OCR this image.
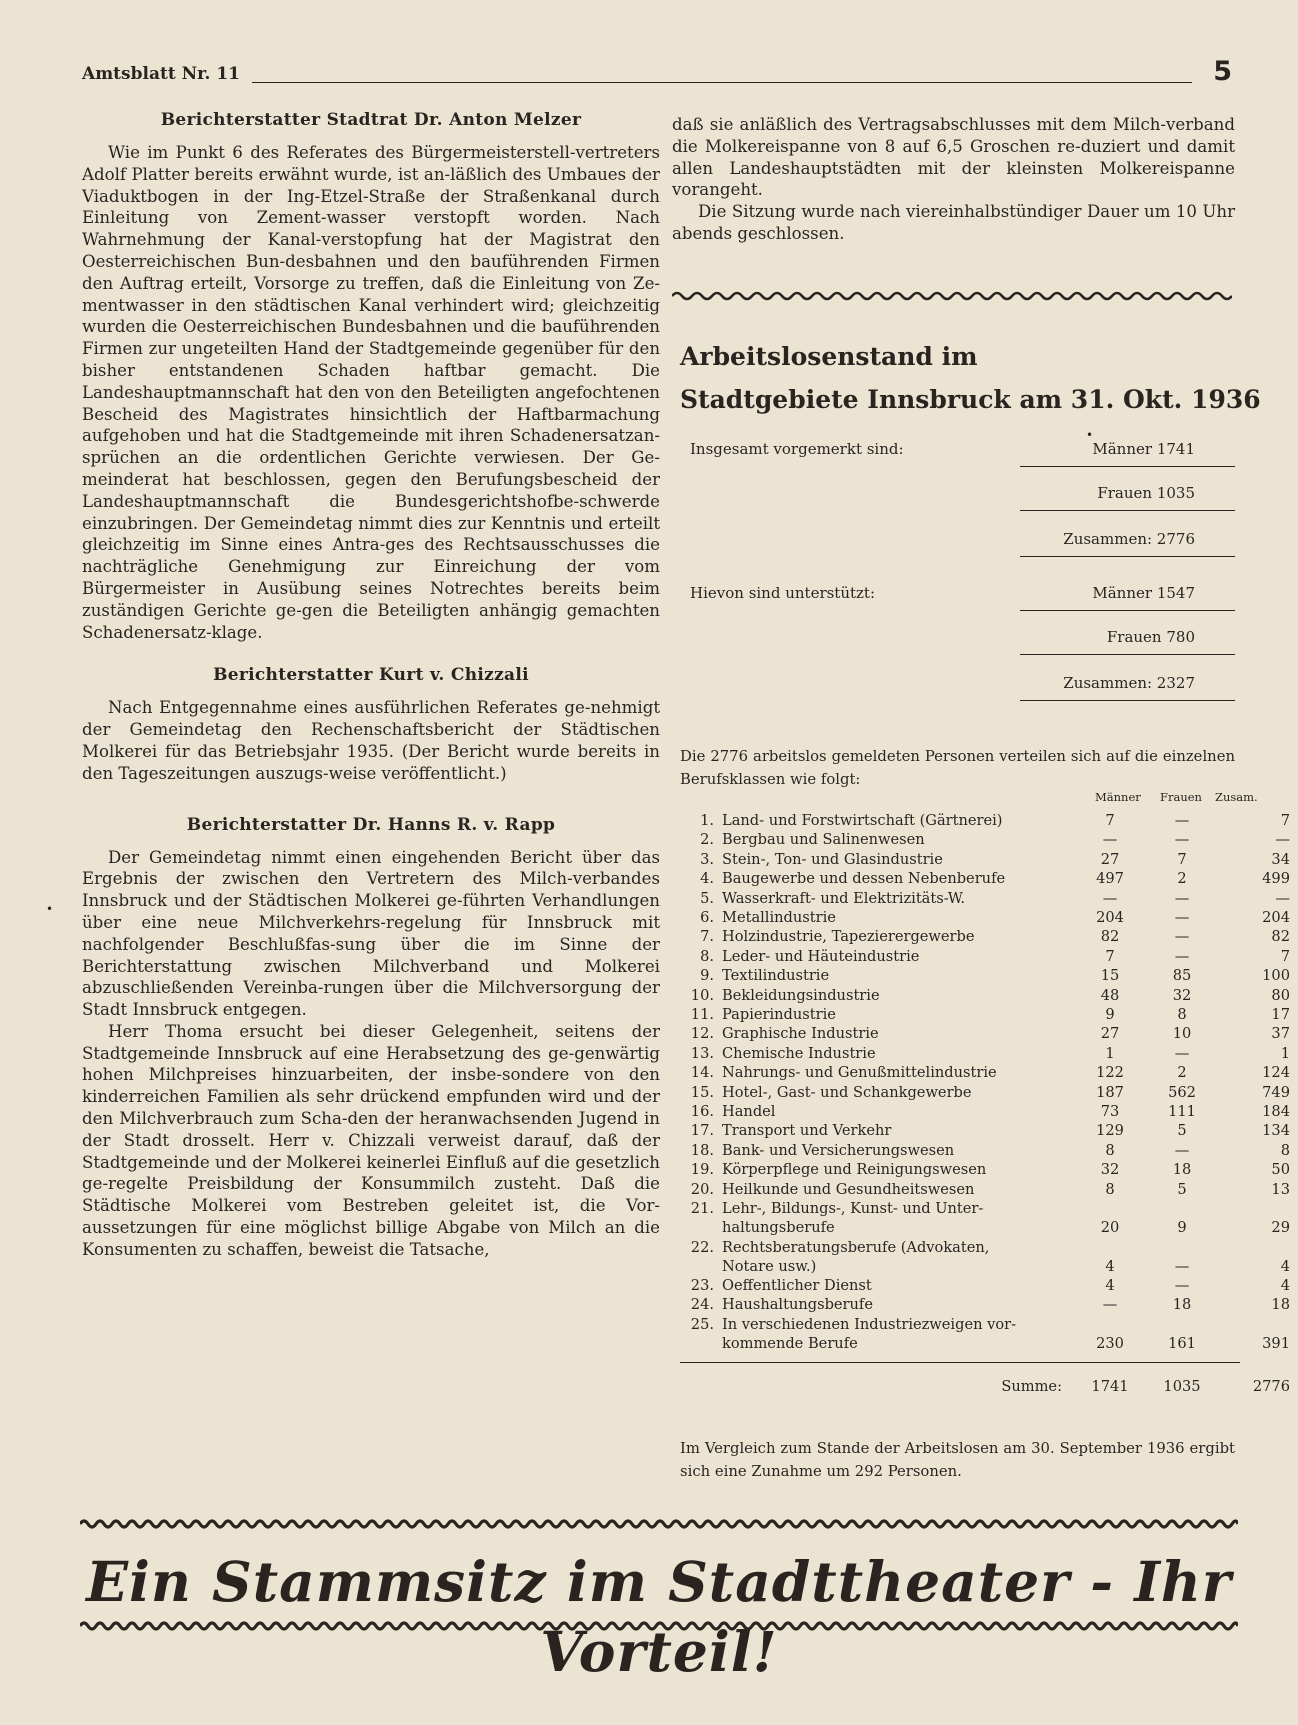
Amtsblatt Nr. 11	5
Berichterstatter Stadtrat Dr. Anton Melzer

Wie im Punkt 6 des Referates des Bürgermeisterstell-vertreters Adolf Platter bereits erwähnt wurde, ist an-läßlich des Umbaues der Viaduktbogen in der Ing-Etzel-Straße der Straßenkanal durch Einleitung von Zement-wasser verstopft worden. Nach Wahrnehmung der Kanal-verstopfung hat der Magistrat den Oesterreichischen Bun-desbahnen und den bauführenden Firmen den Auftrag erteilt, Vorsorge zu treffen, daß die Einleitung von Ze-mentwasser in den städtischen Kanal verhindert wird; gleichzeitig wurden die Oesterreichischen Bundesbahnen und die bauführenden Firmen zur ungeteilten Hand der Stadtgemeinde gegenüber für den bisher entstandenen Schaden haftbar gemacht. Die Landeshauptmannschaft hat den von den Beteiligten angefochtenen Bescheid des Magistrates hinsichtlich der Haftbarmachung aufgehoben und hat die Stadtgemeinde mit ihren Schadenersatzan-sprüchen an die ordentlichen Gerichte verwiesen. Der Ge-meinderat hat beschlossen, gegen den Berufungsbescheid der Landeshauptmannschaft die Bundesgerichtshofbe-schwerde einzubringen. Der Gemeindetag nimmt dies zur Kenntnis und erteilt gleichzeitig im Sinne eines Antra-ges des Rechtsausschusses die nachträgliche Genehmigung zur Einreichung der vom Bürgermeister in Ausübung seines Notrechtes bereits beim zuständigen Gerichte ge-gen die Beteiligten anhängig gemachten Schadenersatz-klage.

Berichterstatter Kurt v. Chizzali

Nach Entgegennahme eines ausführlichen Referates ge-nehmigt der Gemeindetag den Rechenschaftsbericht der Städtischen Molkerei für das Betriebsjahr 1935. (Der Bericht wurde bereits in den Tageszeitungen auszugs-weise veröffentlicht.)

Berichterstatter Dr. Hanns R. v. Rapp

Der Gemeindetag nimmt einen eingehenden Bericht über das Ergebnis der zwischen den Vertretern des Milch-verbandes Innsbruck und der Städtischen Molkerei ge-führten Verhandlungen über eine neue Milchverkehrs-regelung für Innsbruck mit nachfolgender Beschlußfas-sung über die im Sinne der Berichterstattung zwischen Milchverband und Molkerei abzuschließenden Vereinba-rungen über die Milchversorgung der Stadt Innsbruck entgegen.

Herr Thoma ersucht bei dieser Gelegenheit, seitens der Stadtgemeinde Innsbruck auf eine Herabsetzung des ge-genwärtig hohen Milchpreises hinzuarbeiten, der insbe-sondere von den kinderreichen Familien als sehr drückend empfunden wird und der den Milchverbrauch zum Scha-den der heranwachsenden Jugend in der Stadt drosselt. Herr v. Chizzali verweist darauf, daß der Stadtgemeinde und der Molkerei keinerlei Einfluß auf die gesetzlich ge-regelte Preisbildung der Konsummilch zusteht. Daß die Städtische Molkerei vom Bestreben geleitet ist, die Vor-aussetzungen für eine möglichst billige Abgabe von Milch an die Konsumenten zu schaffen, beweist die Tatsache,

daß sie anläßlich des Vertragsabschlusses mit dem Milch-verband die Molkereispanne von 8 auf 6,5 Groschen re-duziert und damit allen Landeshauptstädten mit der kleinsten Molkereispanne vorangeht.

Die Sitzung wurde nach viereinhalbstündiger Dauer um 10 Uhr abends geschlossen.

Arbeitslosenstand im
Stadtgebiete Innsbruck am 31. Okt. 1936
Insgesamt vorgemerkt sind:	Männer 1741
Frauen 1035
Zusammen: 2776
Hievon sind unterstützt:	Männer 1547
Frauen 780
Zusammen: 2327
Die 2776 arbeitslos gemeldeten Personen verteilen sich auf die einzelnen Berufsklassen wie folgt:
Männer Frauen Zusam.
1. Land- und Forstwirtschaft (Gärtnerei)	7	—	7
2. Bergbau und Salinenwesen	—	—	—
3. Stein-, Ton- und Glasindustrie	27	7	34
4. Baugewerbe und dessen Nebenberufe	497	2	499
5. Wasserkraft- und Elektrizitäts-W.	—	—	—
6. Metallindustrie	204	—	204
7. Holzindustrie, Tapezierergewerbe	82	—	82
8. Leder- und Häuteindustrie	7	—	7
9. Textilindustrie	15	85	100
10. Bekleidungsindustrie	48	32	80
11. Papierindustrie	9	8	17
12. Graphische Industrie	27	10	37
13. Chemische Industrie	1	—	1
14. Nahrungs- und Genußmittelindustrie	122	2	124
15. Hotel-, Gast- und Schankgewerbe	187	562	749
16. Handel	73	111	184
17. Transport und Verkehr	129	5	134
18. Bank- und Versicherungswesen	8	—	8
19. Körperpflege und Reinigungswesen	32	18	50
20. Heilkunde und Gesundheitswesen	8	5	13
21. Lehr-, Bildungs-, Kunst- und Unter-
haltungsberufe	20	9	29
22. Rechtsberatungsberufe (Advokaten,
Notare usw.)	4	—	4
23. Oeffentlicher Dienst	4	—	4
24. Haushaltungsberufe	—	18	18
25. In verschiedenen Industriezweigen vor-
kommende Berufe	230	161	391
Summe:	1741	1035	2776
Im Vergleich zum Stande der Arbeitslosen am 30. September 1936 ergibt sich eine Zunahme um 292 Personen.
Ein Stammsitz im Stadttheater - Ihr Vorteil!
•
•
